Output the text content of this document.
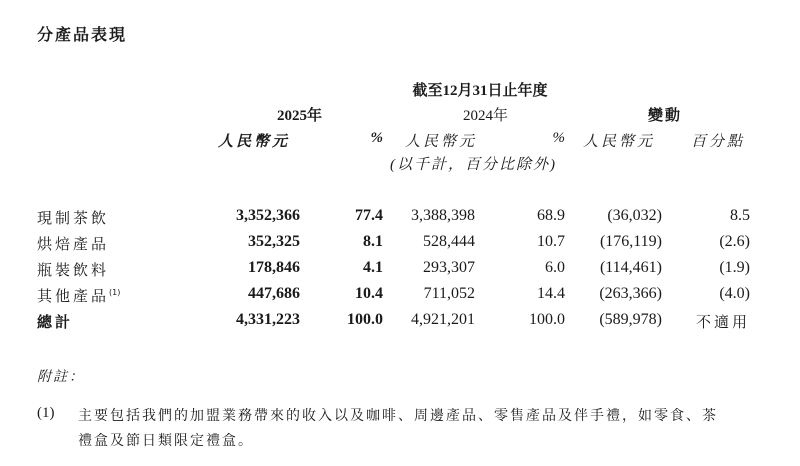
分產品表現
截至12月31日止年度
2025年	2024年	變動
人民幣元	% 人民幣元	% 人民幣元 百分點
(以千計，百分比除外)
現制茶飲	3,352,366	77.4 3,388,398	68.9	(36,032)	8.5
烘焙產品	352,325	8.1	528,444	10.7 (176,119)	(2.6)
瓶裝飲料	178,846	4.1	293,307	6.0 (114,461)	(1.9)
其他產品$^{(1)}$	447,686	10.4	711,052	14.4 (263,366)	(4.0)
總計	4,331,223	100.0 4,921,201	100.0 (589,978) 不適用
附註：
(1) 主要包括我們的加盟業務帶來的收入以及咖啡、周邊產品、零售產品及伴手禮，如零食、茶
禮盒及節日類限定禮盒。
